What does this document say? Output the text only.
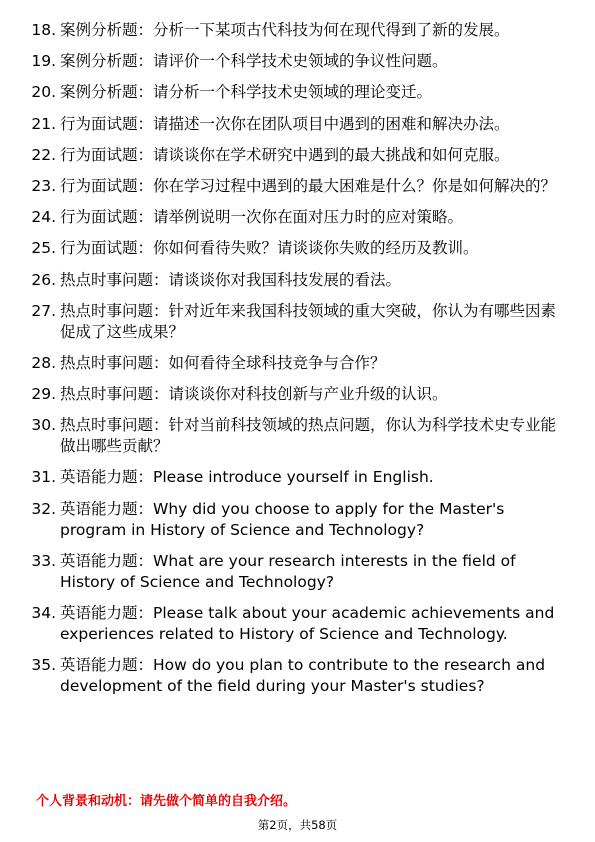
18. 案例分析题：分析一下某项古代科技为何在现代得到了新的发展。
19. 案例分析题：请评价一个科学技术史领域的争议性问题。
20. 案例分析题：请分析一个科学技术史领域的理论变迁。
21. 行为面试题：请描述一次你在团队项目中遇到的困难和解决办法。
22. 行为面试题：请谈谈你在学术研究中遇到的最大挑战和如何克服。
23. 行为面试题：你在学习过程中遇到的最大困难是什么？你是如何解决的？
24. 行为面试题：请举例说明一次你在面对压力时的应对策略。
25. 行为面试题：你如何看待失败？请谈谈你失败的经历及教训。
26. 热点时事问题：请谈谈你对我国科技发展的看法。
27. 热点时事问题：针对近年来我国科技领域的重大突破，你认为有哪些因素促成了这些成果？
28. 热点时事问题：如何看待全球科技竞争与合作？
29. 热点时事问题：请谈谈你对科技创新与产业升级的认识。
30. 热点时事问题：针对当前科技领域的热点问题，你认为科学技术史专业能做出哪些贡献？
31. 英语能力题：Please introduce yourself in English.
32. 英语能力题：Why did you choose to apply for the Master's program in History of Science and Technology?
33. 英语能力题：What are your research interests in the field of History of Science and Technology?
34. 英语能力题：Please talk about your academic achievements and experiences related to History of Science and Technology.
35. 英语能力题：How do you plan to contribute to the research and development of the field during your Master's studies?
个人背景和动机：请先做个简单的自我介绍。
第2页，共58页
